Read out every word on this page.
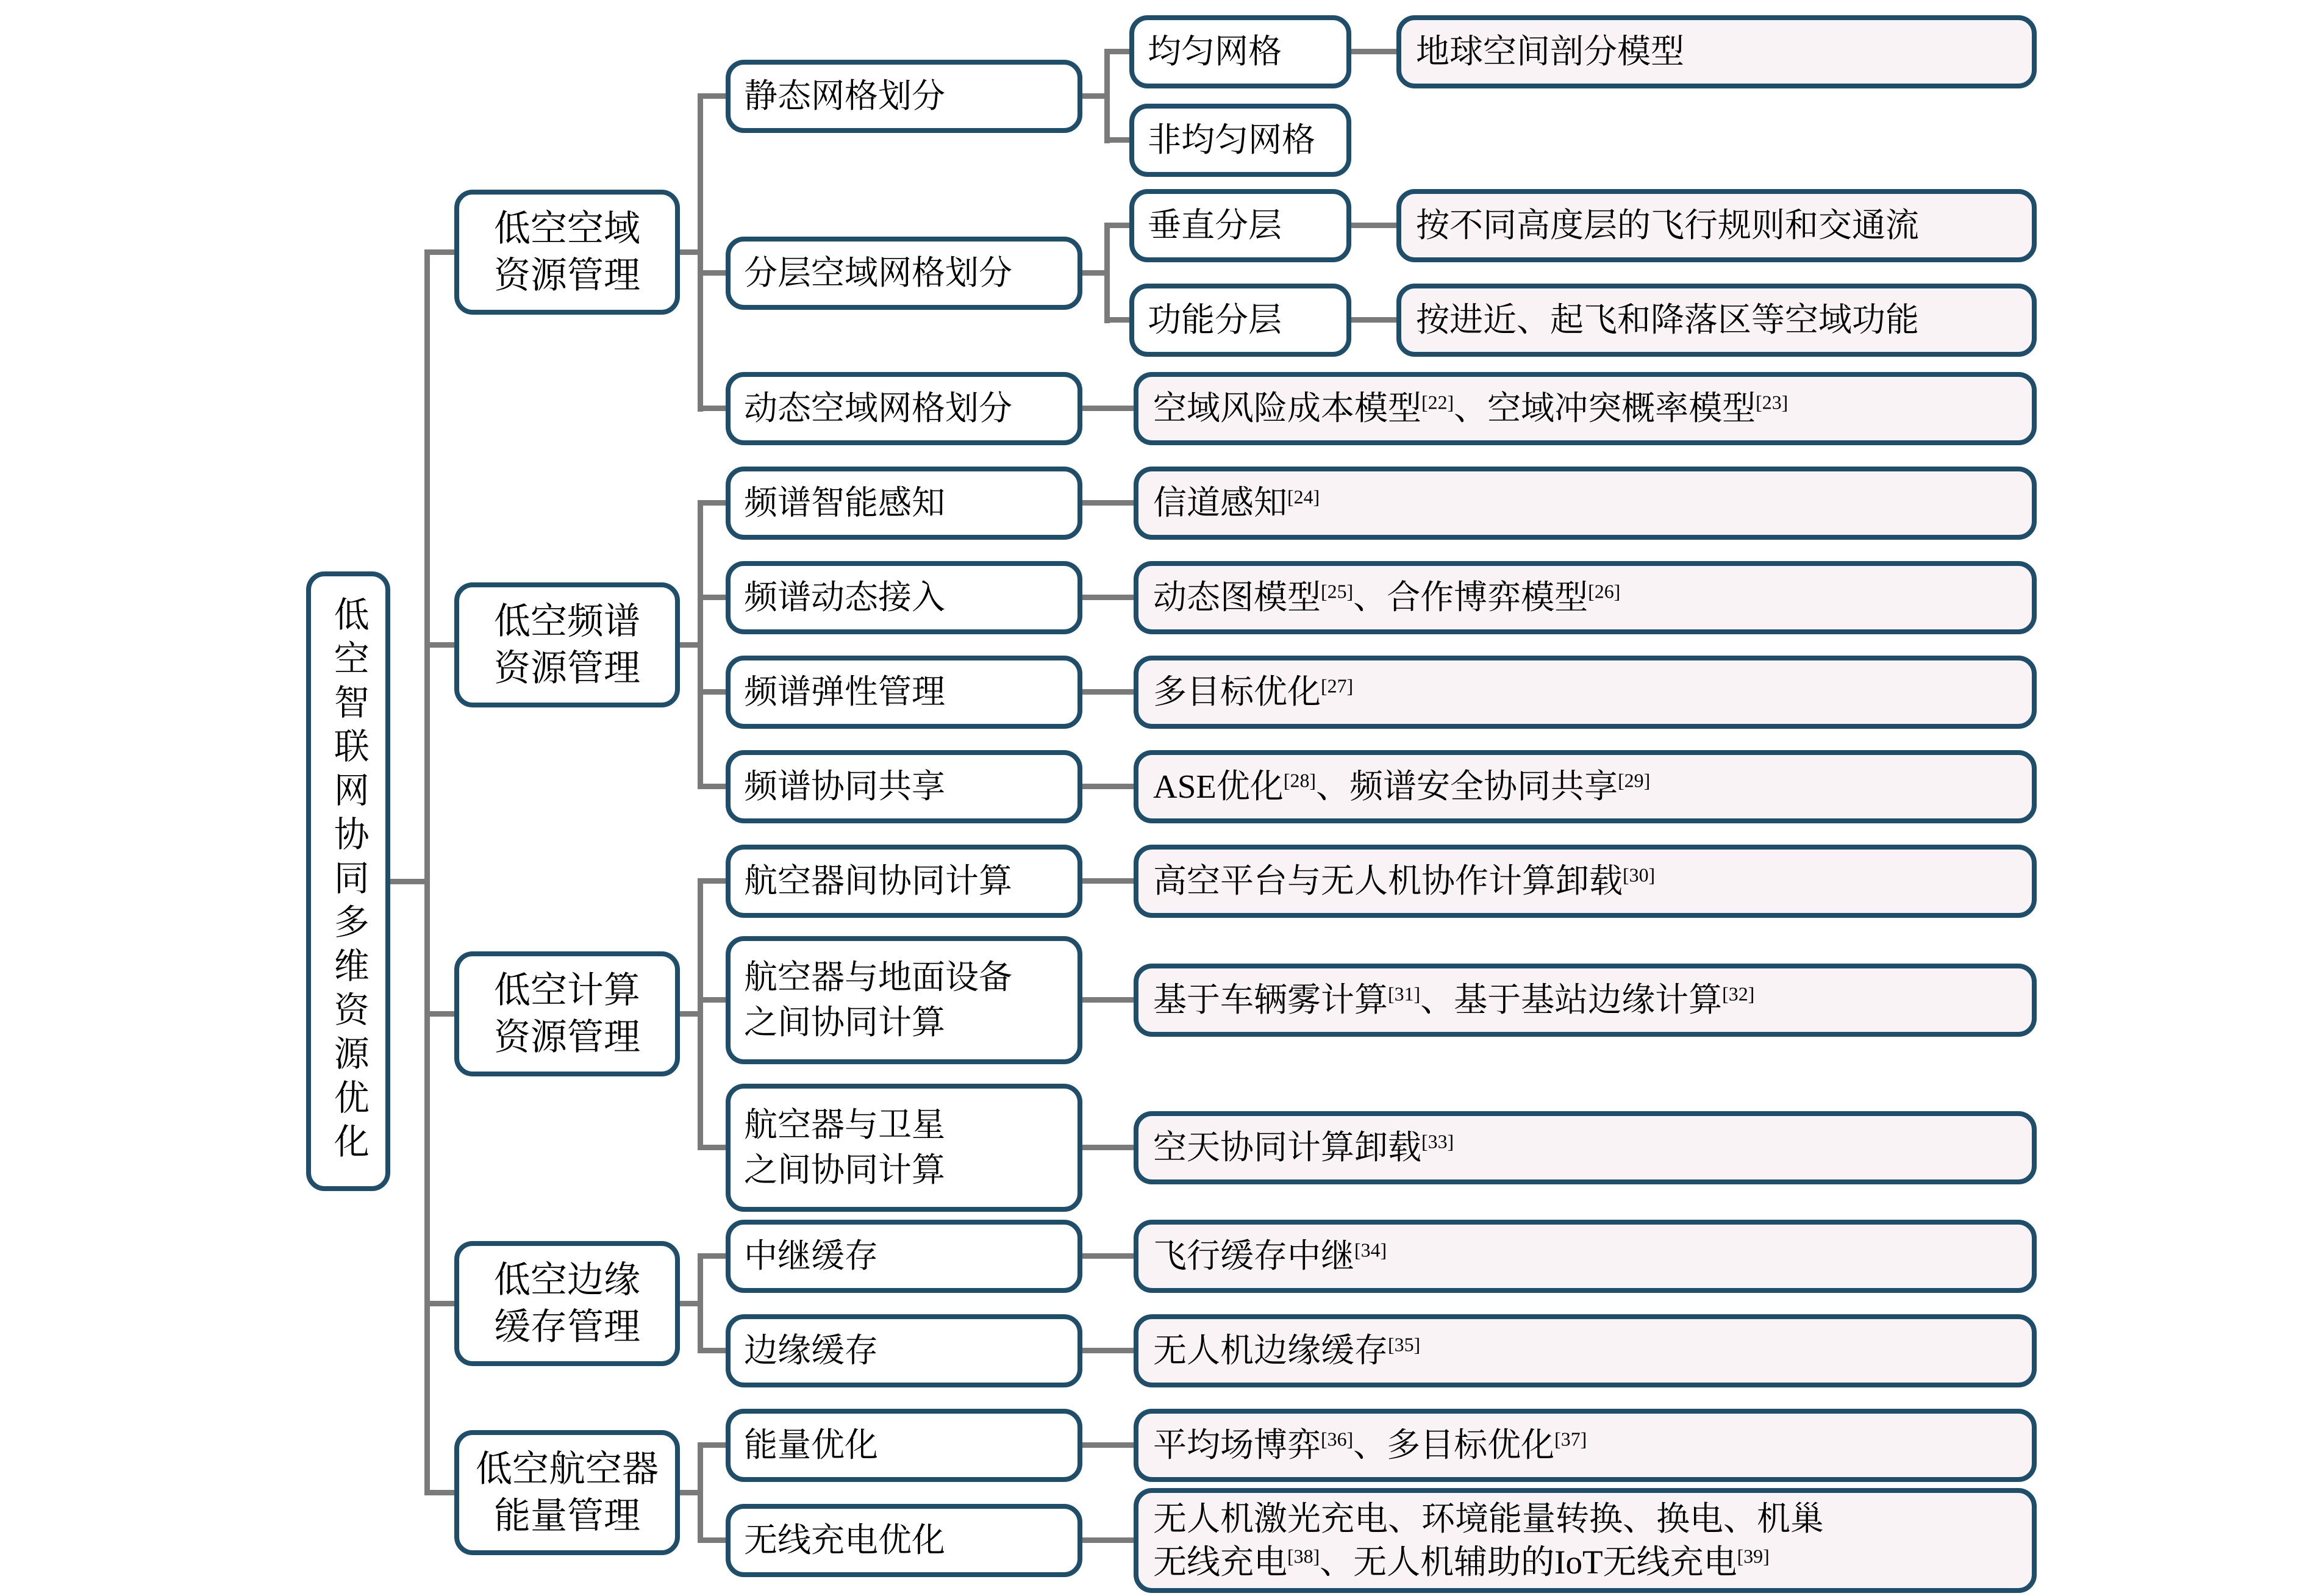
低空智联网协同多维资源优化
低空空域
资源管理
低空频谱
资源管理
低空计算
资源管理
低空边缘
缓存管理
低空航空器
能量管理
静态网格划分
分层空域网格划分
动态空域网格划分
频谱智能感知
频谱动态接入
频谱弹性管理
频谱协同共享
航空器间协同计算
航空器与地面设备
之间协同计算
航空器与卫星
之间协同计算
中继缓存
边缘缓存
能量优化
无线充电优化
均匀网格
非均匀网格
垂直分层
功能分层
地球空间剖分模型
按不同高度层的飞行规则和交通流
按进近、起飞和降落区等空域功能
空域风险成本模型[22]、空域冲突概率模型[23]
信道感知[24]
动态图模型[25]、合作博弈模型[26]
多目标优化[27]
ASE优化[28]、频谱安全协同共享[29]
高空平台与无人机协作计算卸载[30]
基于车辆雾计算[31]、基于基站边缘计算[32]
空天协同计算卸载[33]
飞行缓存中继[34]
无人机边缘缓存[35]
平均场博弈[36]、多目标优化[37]
无人机激光充电、环境能量转换、换电、机巢
无线充电[38]、无人机辅助的IoT无线充电[39]
